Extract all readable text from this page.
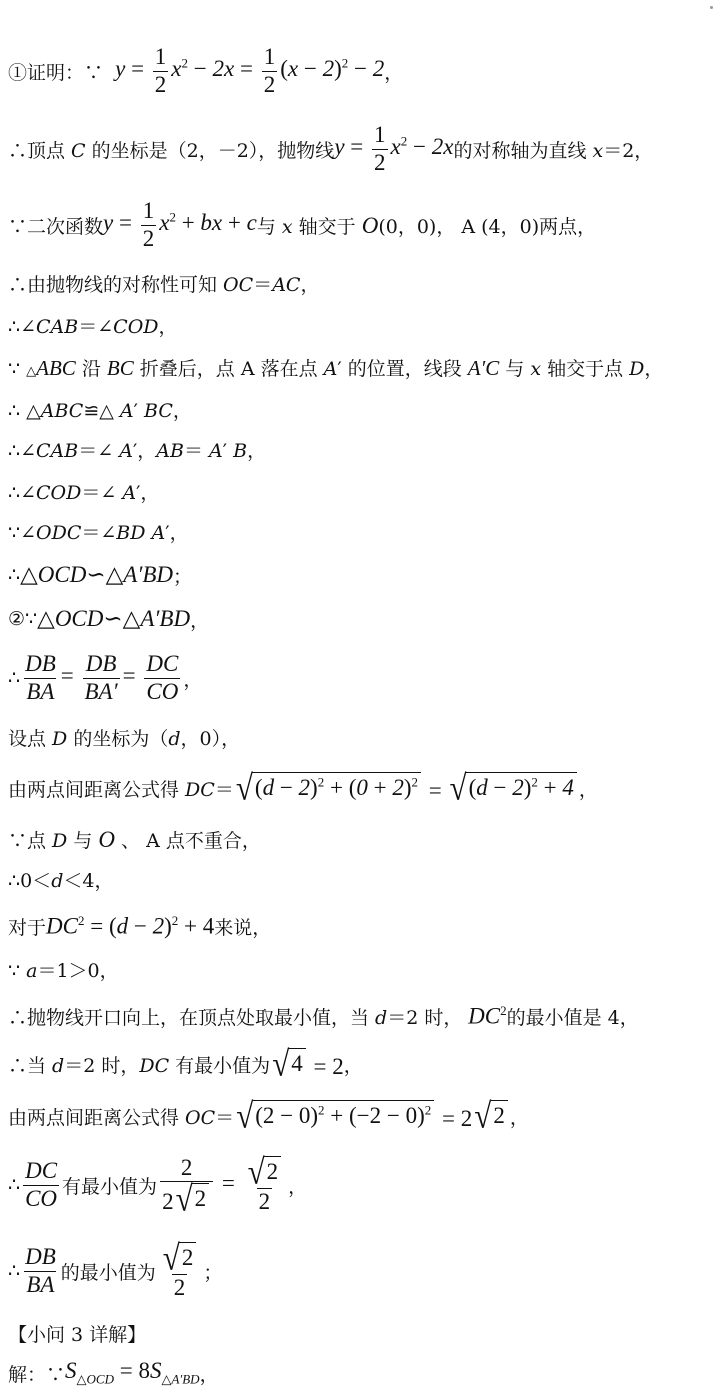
①证明：∵ $y = \frac{1}{2} x^2 - 2x = \frac{1}{2} (x - 2)^2 - 2$ ，
∴顶点 C 的坐标是（2，－2），抛物线 $y = \frac{1}{2} x^2 - 2x$ 的对称轴为直线 x＝2，
∵二次函数 $y = \frac{1}{2} x^2$ + bx + c 与 x 轴交于 O(0，0)， A (4，0)两点，
∴由抛物线的对称性可知 OC＝AC，
∴∠CAB＝∠COD，
∵ △ABC 沿 BC 折叠后，点 A 落在点 A′ 的位置，线段 A′C 与 x 轴交于点 D，
∴ △ABC≌△ A′ BC，
∴∠CAB＝∠ A′，AB＝ A′ B，
∴∠COD＝∠ A′，
∵∠ODC＝∠BD A′，
∴ △OCD∽△A′BD ；
②∵ △OCD∽△A′BD ，
∴ $\frac{DB}{BA} = \frac{DB}{BA'} = \frac{DC}{CO}$ ，
设点 D 的坐标为（d，0），
由两点间距离公式得 DC＝ √ $(d - 2)^2 + (0 + 2)^2$ = √ $(d - 2)^2 + 4$ ，
∵点 D 与 O 、 A 点不重合，
∴0＜d＜4，
对于 $DC^2 = (d - 2)^2 + 4$ 来说，
∵ a＝1＞0，
∴抛物线开口向上，在顶点处取最小值，当 d＝2 时， $DC^2$ 的最小值是 4，
∴当 d＝2 时，DC 有最小值为 √ 4 = 2 ，
由两点间距离公式得 OC＝ √ $(2 - 0)^2 + (-2 - 0)^2 = 2$ √ 2 ，
∴ $\frac{DC}{CO}$ 有最小值为 $\frac{2}{2 √ 2} = \frac{√ 2}{2}$ ，
∴ $\frac{DB}{BA}$ 的最小值为 $\frac{√ 2}{2}$ ；
【小问 3 详解】
解：∵ $S_{\triangle OCD} = 8S_{\triangle A'BD}$ ，
